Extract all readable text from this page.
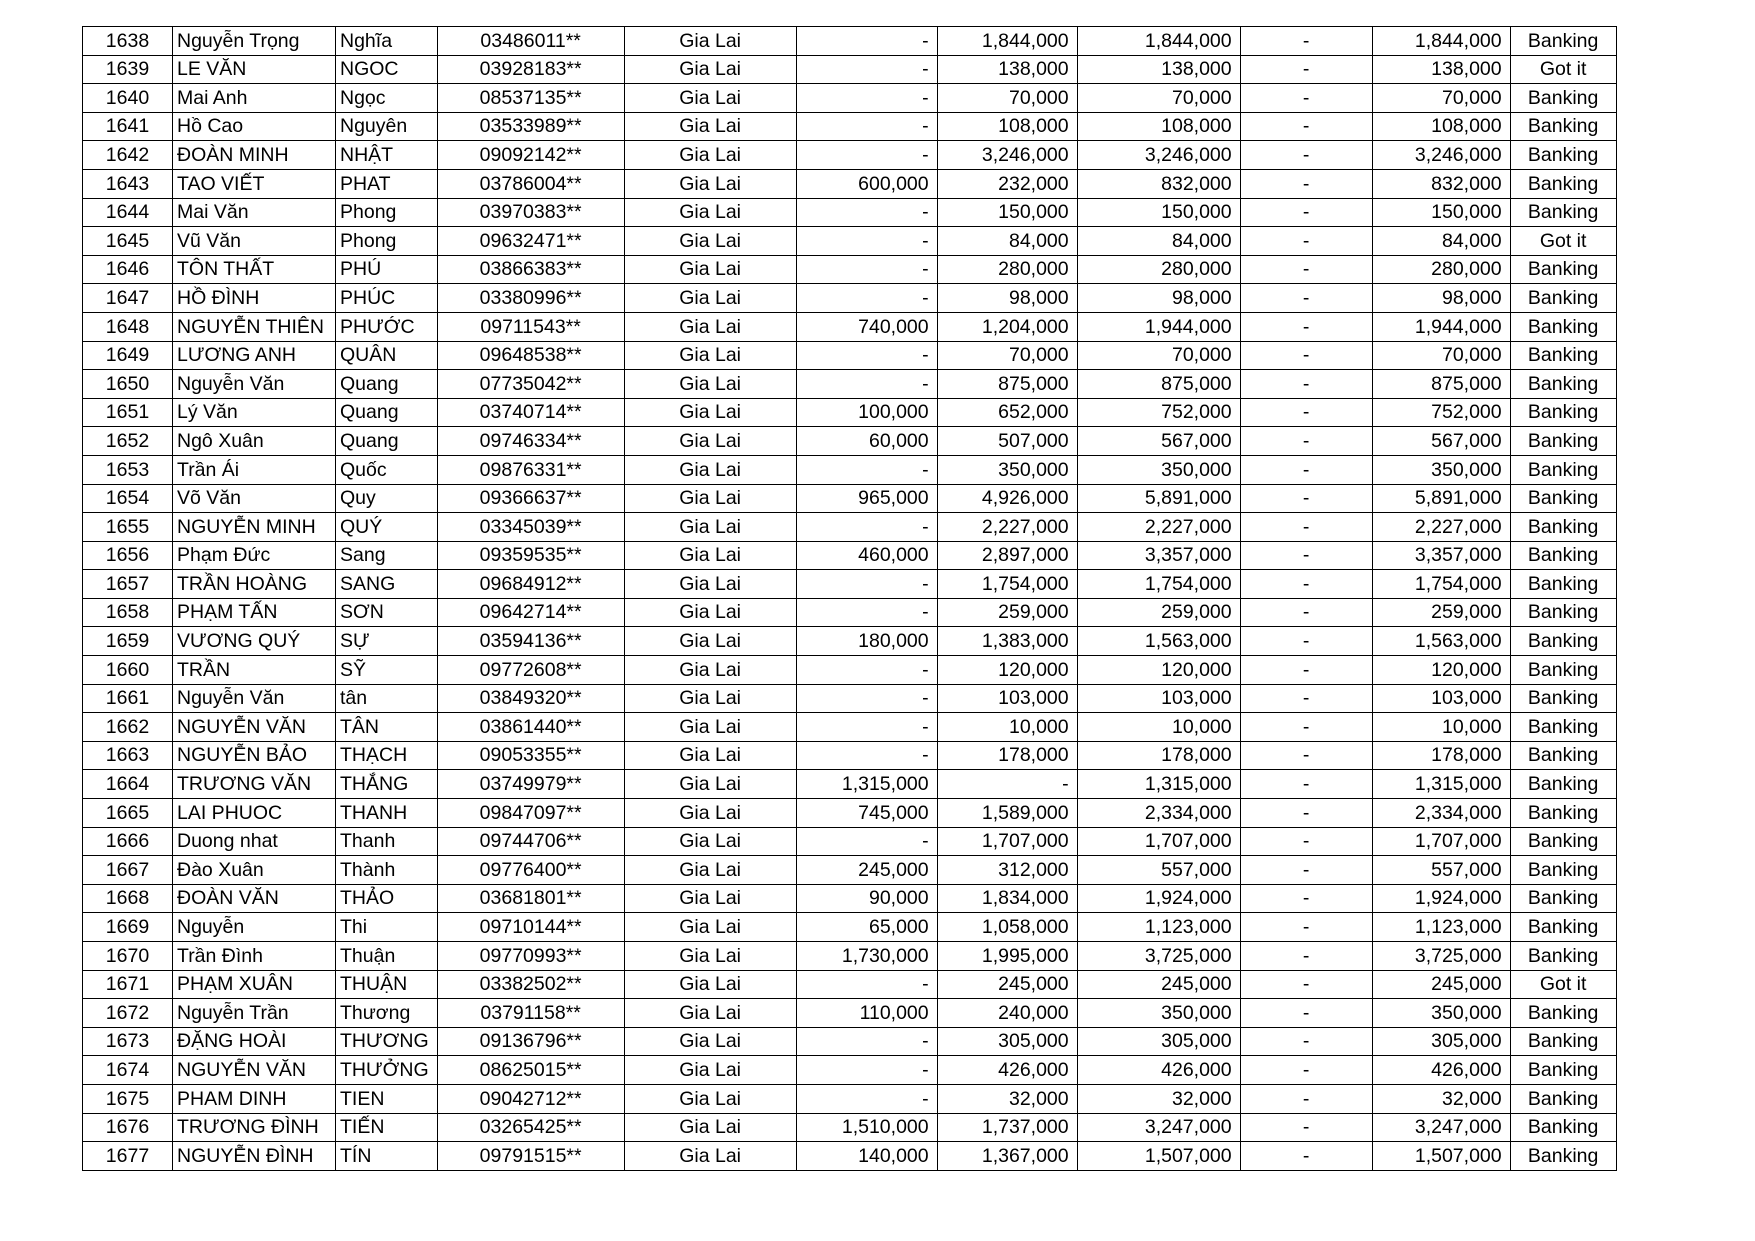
1638	Nguyễn Trọng	Nghĩa	03486011**	Gia Lai	-	1,844,000	1,844,000	-	1,844,000	Banking
1639	LE VĂN	NGOC	03928183**	Gia Lai	-	138,000	138,000	-	138,000	Got it
1640	Mai Anh	Ngọc	08537135**	Gia Lai	-	70,000	70,000	-	70,000	Banking
1641	Hồ Cao	Nguyên	03533989**	Gia Lai	-	108,000	108,000	-	108,000	Banking
1642	ĐOÀN MINH	NHẬT	09092142**	Gia Lai	-	3,246,000	3,246,000	-	3,246,000	Banking
1643	TAO VIẾT	PHAT	03786004**	Gia Lai	600,000	232,000	832,000	-	832,000	Banking
1644	Mai Văn	Phong	03970383**	Gia Lai	-	150,000	150,000	-	150,000	Banking
1645	Vũ Văn	Phong	09632471**	Gia Lai	-	84,000	84,000	-	84,000	Got it
1646	TÔN THẤT	PHÚ	03866383**	Gia Lai	-	280,000	280,000	-	280,000	Banking
1647	HỒ ĐÌNH	PHÚC	03380996**	Gia Lai	-	98,000	98,000	-	98,000	Banking
1648	NGUYỄN THIÊN	PHƯỚC	09711543**	Gia Lai	740,000	1,204,000	1,944,000	-	1,944,000	Banking
1649	LƯƠNG ANH	QUÂN	09648538**	Gia Lai	-	70,000	70,000	-	70,000	Banking
1650	Nguyễn Văn	Quang	07735042**	Gia Lai	-	875,000	875,000	-	875,000	Banking
1651	Lý Văn	Quang	03740714**	Gia Lai	100,000	652,000	752,000	-	752,000	Banking
1652	Ngô Xuân	Quang	09746334**	Gia Lai	60,000	507,000	567,000	-	567,000	Banking
1653	Trần Ái	Quốc	09876331**	Gia Lai	-	350,000	350,000	-	350,000	Banking
1654	Võ Văn	Quy	09366637**	Gia Lai	965,000	4,926,000	5,891,000	-	5,891,000	Banking
1655	NGUYỄN MINH	QUÝ	03345039**	Gia Lai	-	2,227,000	2,227,000	-	2,227,000	Banking
1656	Phạm Đức	Sang	09359535**	Gia Lai	460,000	2,897,000	3,357,000	-	3,357,000	Banking
1657	TRẦN HOÀNG	SANG	09684912**	Gia Lai	-	1,754,000	1,754,000	-	1,754,000	Banking
1658	PHẠM TẤN	SƠN	09642714**	Gia Lai	-	259,000	259,000	-	259,000	Banking
1659	VƯƠNG QUÝ	SỰ	03594136**	Gia Lai	180,000	1,383,000	1,563,000	-	1,563,000	Banking
1660	TRẦN	SỸ	09772608**	Gia Lai	-	120,000	120,000	-	120,000	Banking
1661	Nguyễn Văn	tân	03849320**	Gia Lai	-	103,000	103,000	-	103,000	Banking
1662	NGUYỄN VĂN	TÂN	03861440**	Gia Lai	-	10,000	10,000	-	10,000	Banking
1663	NGUYỄN BẢO	THẠCH	09053355**	Gia Lai	-	178,000	178,000	-	178,000	Banking
1664	TRƯƠNG VĂN	THẮNG	03749979**	Gia Lai	1,315,000	-	1,315,000	-	1,315,000	Banking
1665	LAI PHUOC	THANH	09847097**	Gia Lai	745,000	1,589,000	2,334,000	-	2,334,000	Banking
1666	Duong nhat	Thanh	09744706**	Gia Lai	-	1,707,000	1,707,000	-	1,707,000	Banking
1667	Đào Xuân	Thành	09776400**	Gia Lai	245,000	312,000	557,000	-	557,000	Banking
1668	ĐOÀN VĂN	THẢO	03681801**	Gia Lai	90,000	1,834,000	1,924,000	-	1,924,000	Banking
1669	Nguyễn	Thi	09710144**	Gia Lai	65,000	1,058,000	1,123,000	-	1,123,000	Banking
1670	Trần Đình	Thuận	09770993**	Gia Lai	1,730,000	1,995,000	3,725,000	-	3,725,000	Banking
1671	PHẠM XUÂN	THUẬN	03382502**	Gia Lai	-	245,000	245,000	-	245,000	Got it
1672	Nguyễn Trần	Thương	03791158**	Gia Lai	110,000	240,000	350,000	-	350,000	Banking
1673	ĐẶNG HOÀI	THƯƠNG	09136796**	Gia Lai	-	305,000	305,000	-	305,000	Banking
1674	NGUYỄN VĂN	THƯỞNG	08625015**	Gia Lai	-	426,000	426,000	-	426,000	Banking
1675	PHAM DINH	TIEN	09042712**	Gia Lai	-	32,000	32,000	-	32,000	Banking
1676	TRƯƠNG ĐÌNH	TIẾN	03265425**	Gia Lai	1,510,000	1,737,000	3,247,000	-	3,247,000	Banking
1677	NGUYỄN ĐÌNH	TÍN	09791515**	Gia Lai	140,000	1,367,000	1,507,000	-	1,507,000	Banking
